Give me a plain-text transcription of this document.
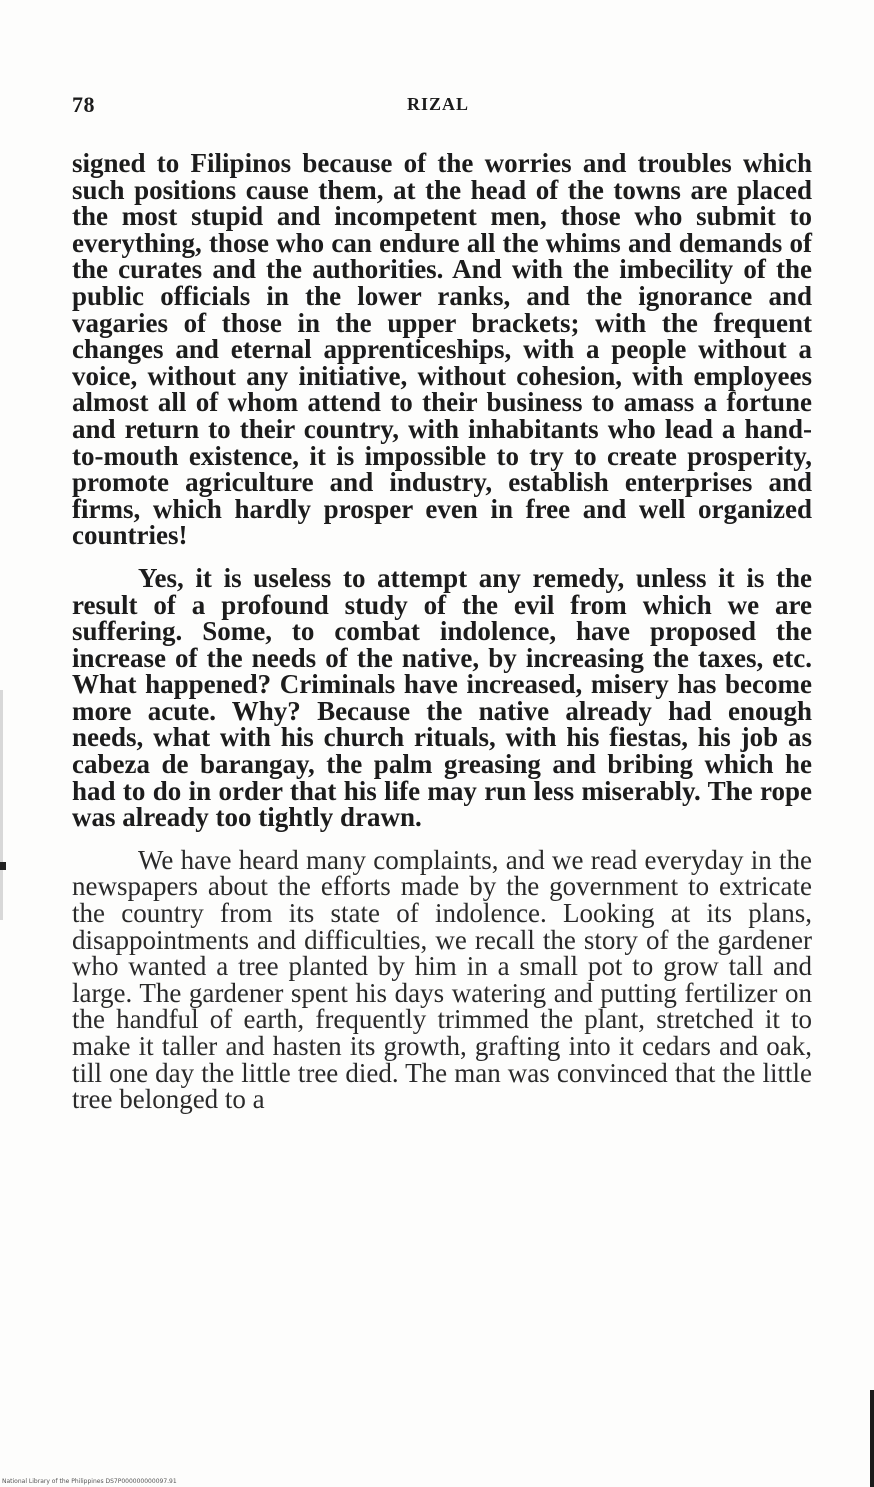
78	RIZAL

signed to Filipinos because of the worries and troubles which such positions cause them, at the head of the towns are placed the most stupid and incompetent men, those who submit to everything, those who can endure all the whims and demands of the curates and the authorities. And with the imbecility of the public officials in the lower ranks, and the ignorance and vagaries of those in the upper brackets; with the frequent changes and eternal apprenticeships, with a people without a voice, without any initiative, without cohesion, with employees almost all of whom attend to their business to amass a fortune and return to their country, with inhabitants who lead a hand-to-mouth existence, it is impossible to try to create prosperity, promote agriculture and industry, establish enterprises and firms, which hardly prosper even in free and well organized countries!

Yes, it is useless to attempt any remedy, unless it is the result of a profound study of the evil from which we are suffering. Some, to combat indolence, have proposed the increase of the needs of the native, by increasing the taxes, etc. What happened? Criminals have increased, misery has become more acute. Why? Because the native already had enough needs, what with his church rituals, with his fiestas, his job as cabeza de barangay, the palm greasing and bribing which he had to do in order that his life may run less miserably. The rope was already too tightly drawn.

We have heard many complaints, and we read everyday in the newspapers about the efforts made by the government to extricate the country from its state of indolence. Looking at its plans, disappointments and difficulties, we recall the story of the gardener who wanted a tree planted by him in a small pot to grow tall and large. The gardener spent his days watering and putting fertilizer on the handful of earth, frequently trimmed the plant, stretched it to make it taller and hasten its growth, grafting into it cedars and oak, till one day the little tree died. The man was convinced that the little tree belonged to a

National Library of the Philippines DS7P000000000097.91
